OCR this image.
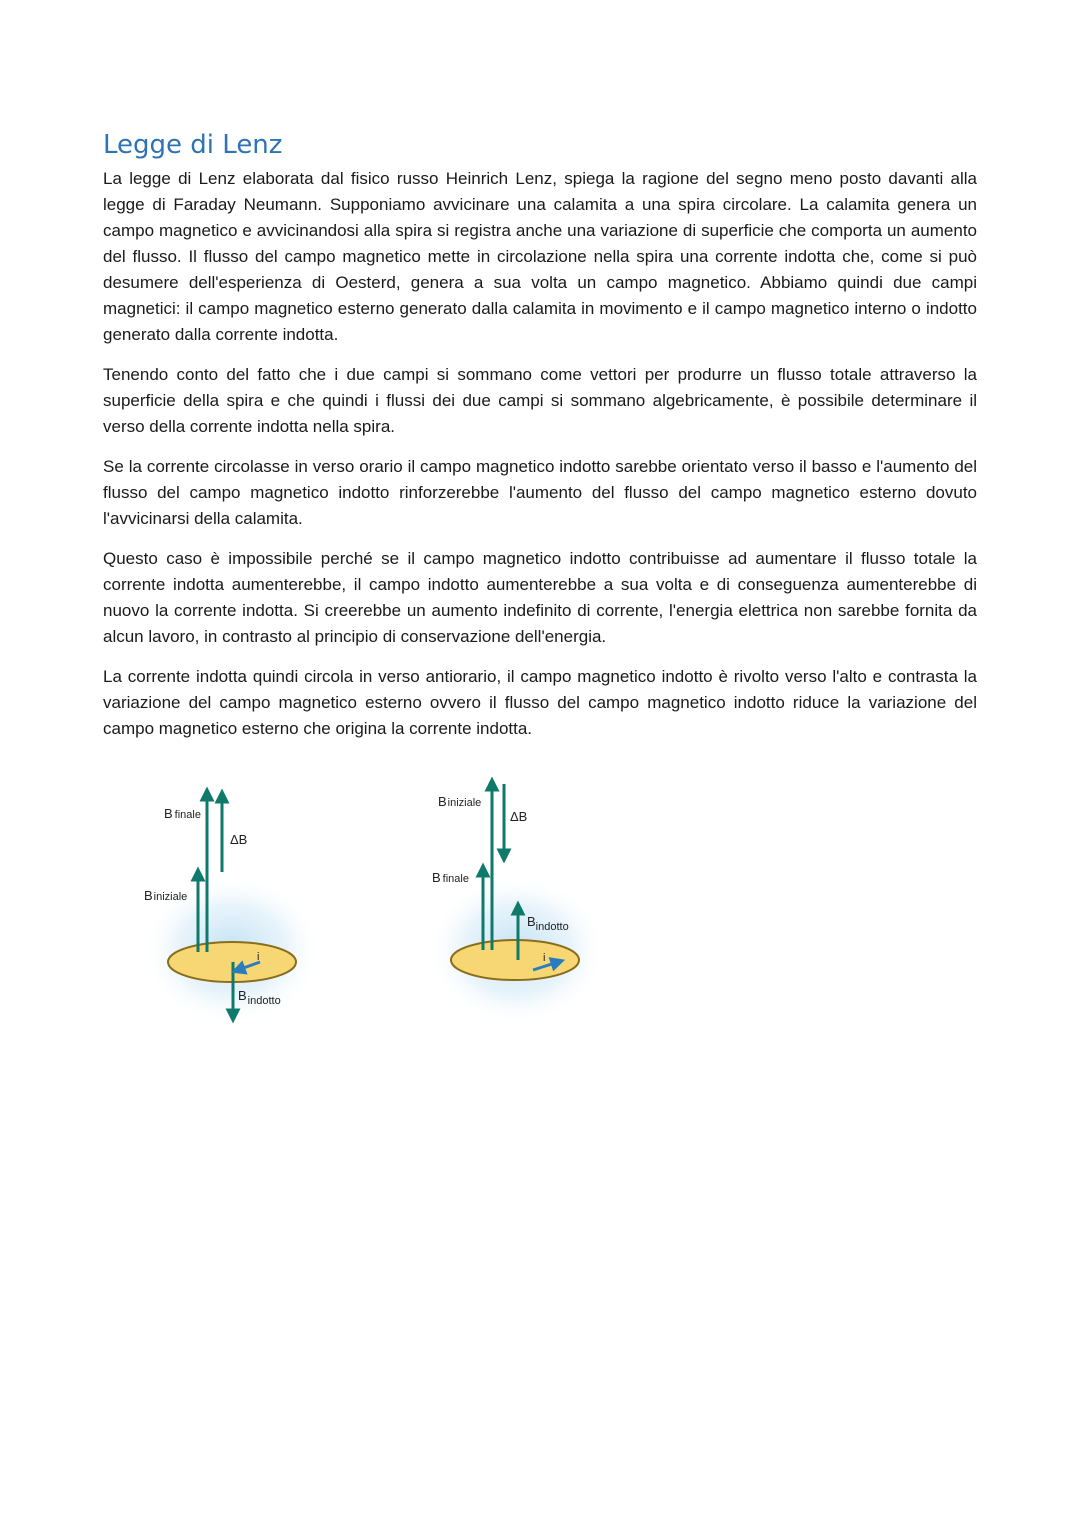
Legge di Lenz

La legge di Lenz elaborata dal fisico russo Heinrich Lenz, spiega la ragione del segno meno posto davanti alla legge di Faraday Neumann. Supponiamo avvicinare una calamita a una spira circolare. La calamita genera un campo magnetico e avvicinandosi alla spira si registra anche una variazione di superficie che comporta un aumento del flusso. Il flusso del campo magnetico mette in circolazione nella spira una corrente indotta che, come si può desumere dell'esperienza di Oesterd, genera a sua volta un campo magnetico. Abbiamo quindi due campi magnetici: il campo magnetico esterno generato dalla calamita in movimento e il campo magnetico interno o indotto generato dalla corrente indotta.

Tenendo conto del fatto che i due campi si sommano come vettori per produrre un flusso totale attraverso la superficie della spira e che quindi i flussi dei due campi si sommano algebricamente, è possibile determinare il verso della corrente indotta nella spira.

Se la corrente circolasse in verso orario il campo magnetico indotto sarebbe orientato verso il basso e l'aumento del flusso del campo magnetico indotto rinforzerebbe l'aumento del flusso del campo magnetico esterno dovuto l'avvicinarsi della calamita.

Questo caso è impossibile perché se il campo magnetico indotto contribuisse ad aumentare il flusso totale la corrente indotta aumenterebbe, il campo indotto aumenterebbe a sua volta e di conseguenza aumenterebbe di nuovo la corrente indotta. Si creerebbe un aumento indefinito di corrente, l'energia elettrica non sarebbe fornita da alcun lavoro, in contrasto al principio di conservazione dell'energia.

La corrente indotta quindi circola in verso antiorario, il campo magnetico indotto è rivolto verso l'alto e contrasta la variazione del campo magnetico esterno ovvero il flusso del campo magnetico indotto riduce la variazione del campo magnetico esterno che origina la corrente indotta.

B finale
Biniziale
ΔB
i
$B_{indotto}$
Biniziale
ΔB
B finale
$B_{indotto}$
i
